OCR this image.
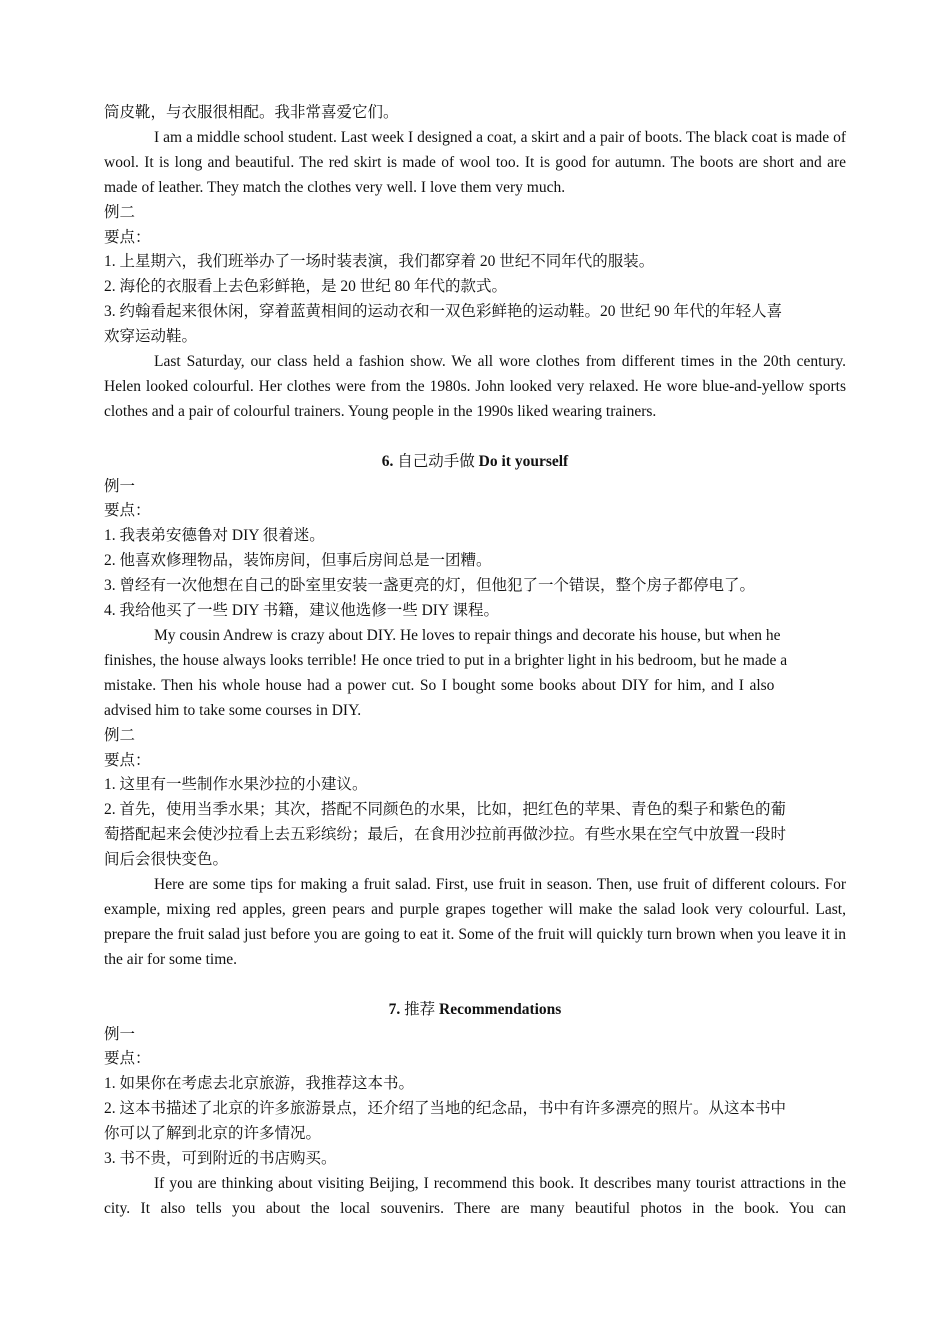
筒皮靴，与衣服很相配。我非常喜爱它们。

I am a middle school student. Last week I designed a coat, a skirt and a pair of boots. The black coat is made of wool. It is long and beautiful. The red skirt is made of wool too. It is good for autumn. The boots are short and are made of leather. They match the clothes very well. I love them very much.

例二

要点：

1. 上星期六，我们班举办了一场时装表演，我们都穿着 20 世纪不同年代的服装。

2. 海伦的衣服看上去色彩鲜艳，是 20 世纪 80 年代的款式。

3. 约翰看起来很休闲，穿着蓝黄相间的运动衣和一双色彩鲜艳的运动鞋。20 世纪 90 年代的年轻人喜

欢穿运动鞋。

Last Saturday, our class held a fashion show. We all wore clothes from different times in the 20th century. Helen looked colourful. Her clothes were from the 1980s. John looked very relaxed. He wore blue-and-yellow sports clothes and a pair of colourful trainers. Young people in the 1990s liked wearing trainers.

6. 自己动手做 Do it yourself

例一

要点：

1. 我表弟安德鲁对 DIY 很着迷。

2. 他喜欢修理物品，装饰房间，但事后房间总是一团糟。

3. 曾经有一次他想在自己的卧室里安装一盏更亮的灯，但他犯了一个错误，整个房子都停电了。

4. 我给他买了一些 DIY 书籍，建议他选修一些 DIY 课程。

My cousin Andrew is crazy about DIY. He loves to repair things and decorate his house, but when he

finishes, the house always looks terrible! He once tried to put in a brighter light in his bedroom, but he made a

mistake. Then his whole house had a power cut. So I bought some books about DIY for him, and I also

advised him to take some courses in DIY.

例二

要点：

1. 这里有一些制作水果沙拉的小建议。

2. 首先，使用当季水果；其次，搭配不同颜色的水果，比如，把红色的苹果、青色的梨子和紫色的葡

萄搭配起来会使沙拉看上去五彩缤纷；最后，在食用沙拉前再做沙拉。有些水果在空气中放置一段时

间后会很快变色。

Here are some tips for making a fruit salad. First, use fruit in season. Then, use fruit of different colours. For example, mixing red apples, green pears and purple grapes together will make the salad look very colourful. Last, prepare the fruit salad just before you are going to eat it. Some of the fruit will quickly turn brown when you leave it in the air for some time.

7. 推荐 Recommendations

例一

要点：

1. 如果你在考虑去北京旅游，我推荐这本书。

2. 这本书描述了北京的许多旅游景点，还介绍了当地的纪念品，书中有许多漂亮的照片。从这本书中

你可以了解到北京的许多情况。

3. 书不贵，可到附近的书店购买。

If you are thinking about visiting Beijing, I recommend this book. It describes many tourist attractions in the city. It also tells you about the local souvenirs. There are many beautiful photos in the book. You can
